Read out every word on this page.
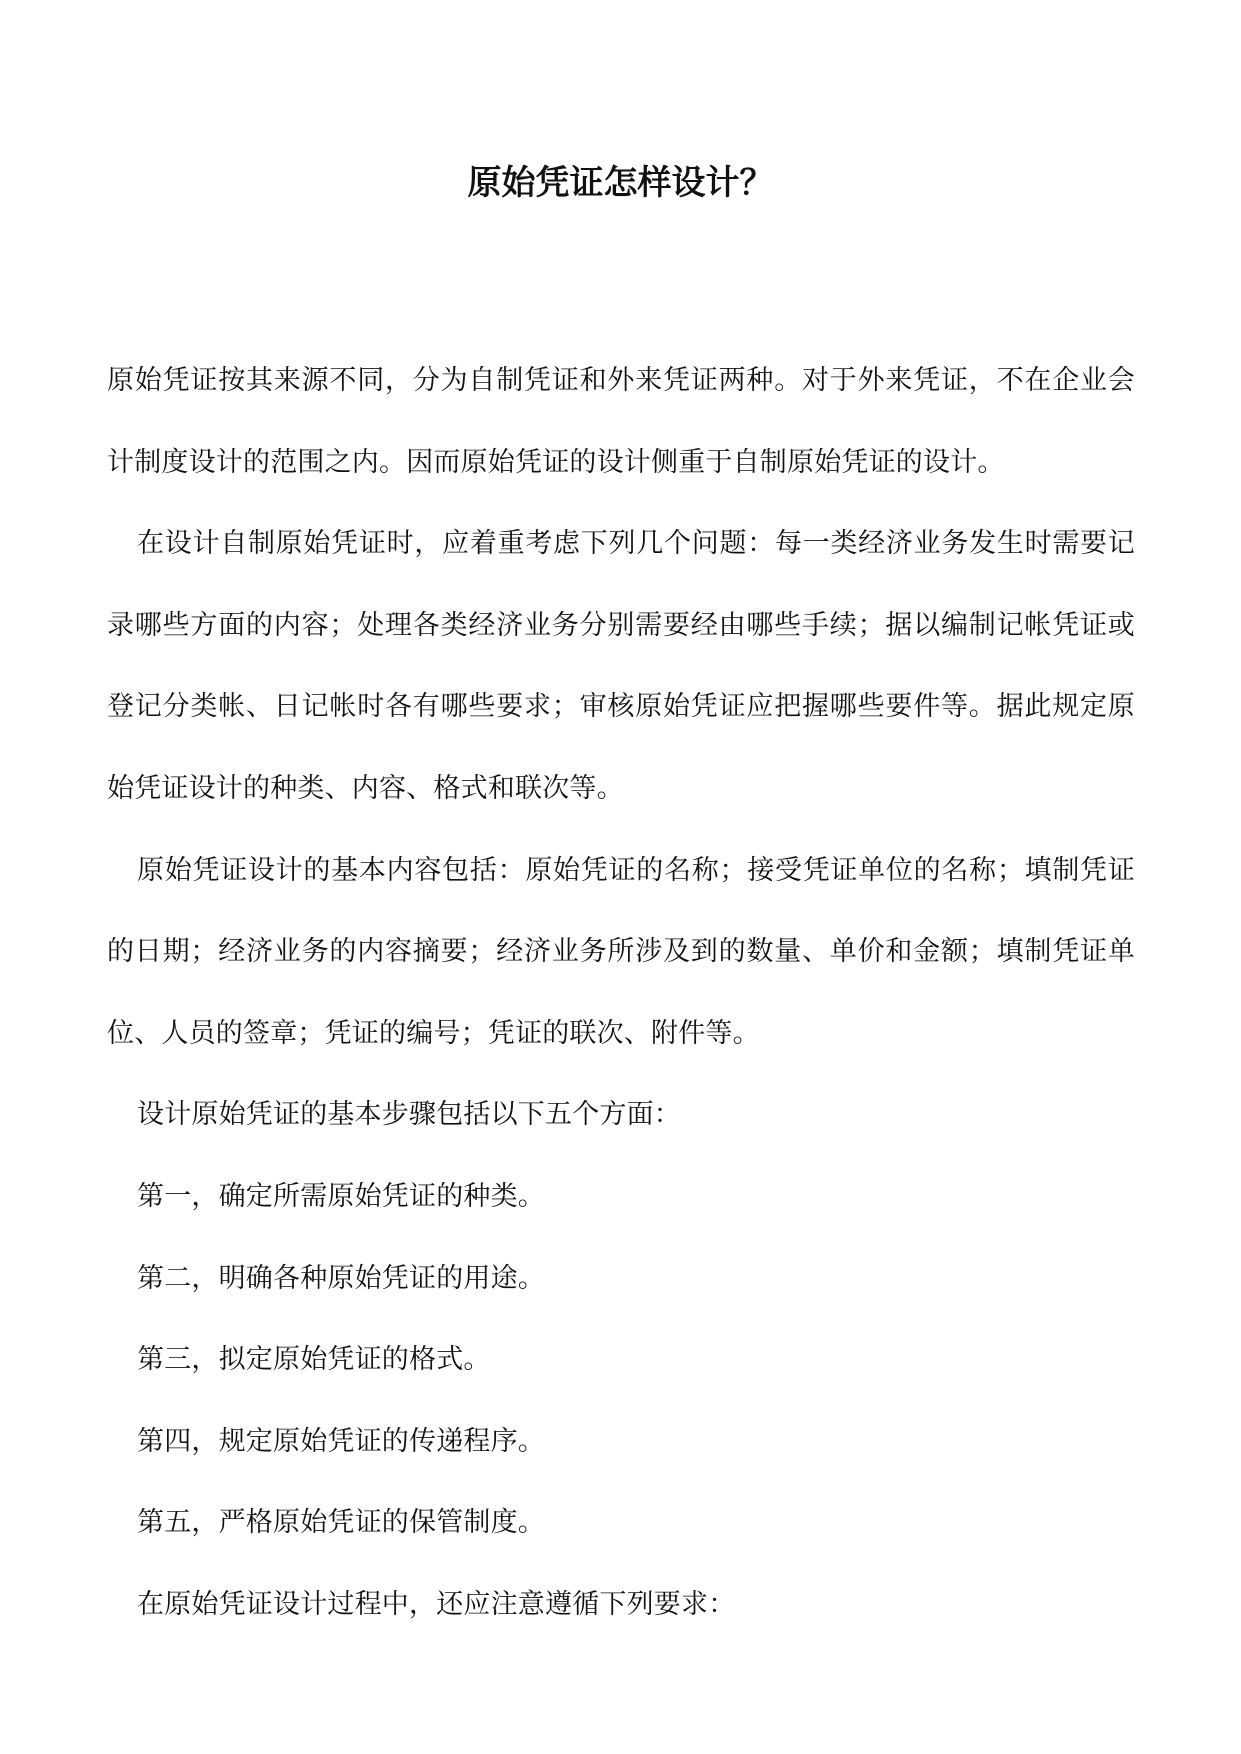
原始凭证怎样设计？

原始凭证按其来源不同，分为自制凭证和外来凭证两种。对于外来凭证，不在企业会计制度设计的范围之内。因而原始凭证的设计侧重于自制原始凭证的设计。

在设计自制原始凭证时，应着重考虑下列几个问题：每一类经济业务发生时需要记录哪些方面的内容；处理各类经济业务分别需要经由哪些手续；据以编制记帐凭证或登记分类帐、日记帐时各有哪些要求；审核原始凭证应把握哪些要件等。据此规定原始凭证设计的种类、内容、格式和联次等。

原始凭证设计的基本内容包括：原始凭证的名称；接受凭证单位的名称；填制凭证的日期；经济业务的内容摘要；经济业务所涉及到的数量、单价和金额；填制凭证单位、人员的签章；凭证的编号；凭证的联次、附件等。

设计原始凭证的基本步骤包括以下五个方面：

第一，确定所需原始凭证的种类。

第二，明确各种原始凭证的用途。

第三，拟定原始凭证的格式。

第四，规定原始凭证的传递程序。

第五，严格原始凭证的保管制度。

在原始凭证设计过程中，还应注意遵循下列要求：
